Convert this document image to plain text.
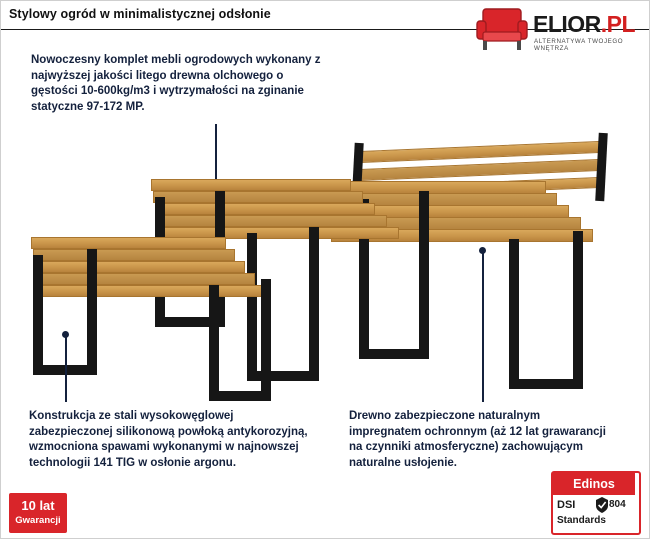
Stylowy ogród w minimalistycznej odsłonie	ELIOR.PL
ALTERNATYWA TWOJEGO WNĘTRZA
Nowoczesny komplet mebli ogrodowych wykonany z najwyższej jakości litego drewna olchowego o gęstości 10-600kg/m3 i wytrzymałości na zginanie statyczne 97-172 MP.
Konstrukcja ze stali wysokowęglowej zabezpieczonej silikonową powłoką antykorozyjną, wzmocniona spawami wykonanymi w najnowszej technologii 141 TIG w osłonie argonu.
Drewno zabezpieczone naturalnym impregnatem ochronnym (aż 12 lat grawarancji na czynniki atmosferyczne) zachowującym naturalne usłojenie.
10 lat
Gwarancji
Edinos
DSI	804
Standards
